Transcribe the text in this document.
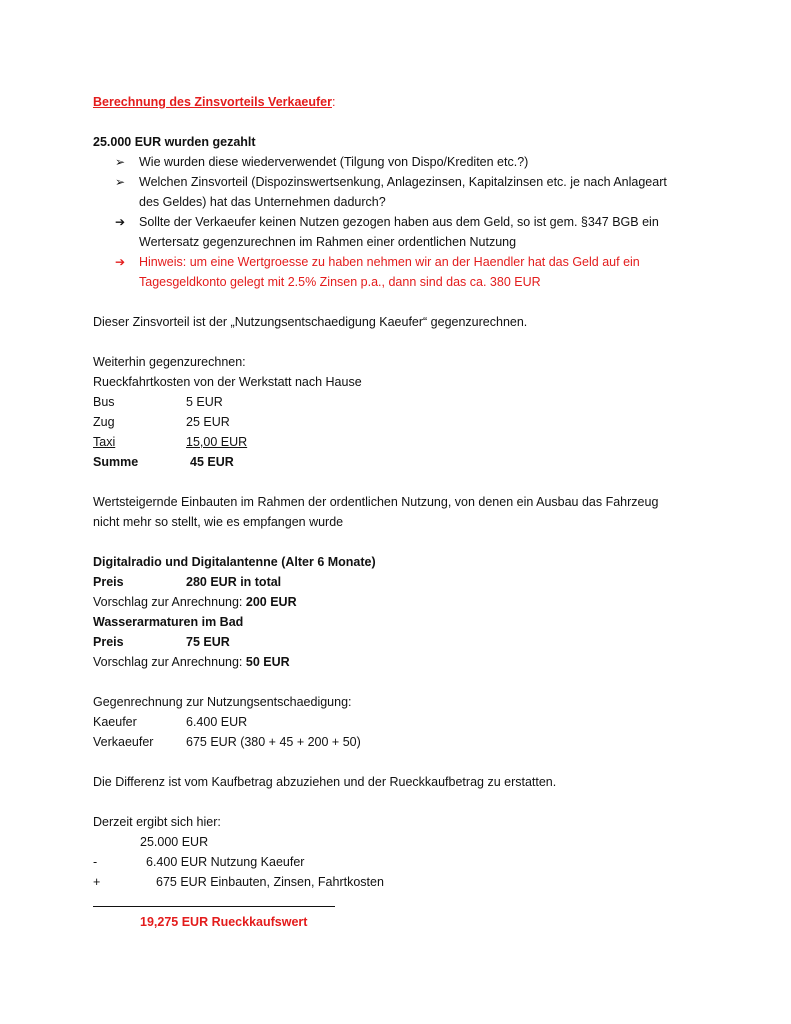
Berechnung des Zinsvorteils Verkaeufer:
25.000 EUR wurden gezahlt
➢	Wie wurden diese wiederverwendet (Tilgung von Dispo/Krediten etc.?)
➢	Welchen Zinsvorteil (Dispozinswertsenkung, Anlagezinsen, Kapitalzinsen etc. je nach Anlageart
des Geldes) hat das Unternehmen dadurch?
➔	Sollte der Verkaeufer keinen Nutzen gezogen haben aus dem Geld, so ist gem. §347 BGB ein
Wertersatz gegenzurechnen im Rahmen einer ordentlichen Nutzung
➔	Hinweis: um eine Wertgroesse zu haben nehmen wir an der Haendler hat das Geld auf ein
Tagesgeldkonto gelegt mit 2.5% Zinsen p.a., dann sind das ca. 380 EUR
Dieser Zinsvorteil ist der „Nutzungsentschaedigung Kaeufer“ gegenzurechnen.
Weiterhin gegenzurechnen:
Rueckfahrtkosten von der Werkstatt nach Hause
Bus	5 EUR
Zug	25 EUR
Taxi	15,00 EUR
Summe	45 EUR
Wertsteigernde Einbauten im Rahmen der ordentlichen Nutzung, von denen ein Ausbau das Fahrzeug
nicht mehr so stellt, wie es empfangen wurde
Digitalradio und Digitalantenne (Alter 6 Monate)
Preis	280 EUR in total
Vorschlag zur Anrechnung: 200 EUR
Wasserarmaturen im Bad
Preis	75 EUR
Vorschlag zur Anrechnung: 50 EUR
Gegenrechnung zur Nutzungsentschaedigung:
Kaeufer	6.400 EUR
Verkaeufer	675 EUR (380 + 45 + 200 + 50)
Die Differenz ist vom Kaufbetrag abzuziehen und der Rueckkaufbetrag zu erstatten.
Derzeit ergibt sich hier:
25.000 EUR
-	6.400 EUR Nutzung Kaeufer
+	675 EUR Einbauten, Zinsen, Fahrtkosten
19,275 EUR Rueckkaufswert
